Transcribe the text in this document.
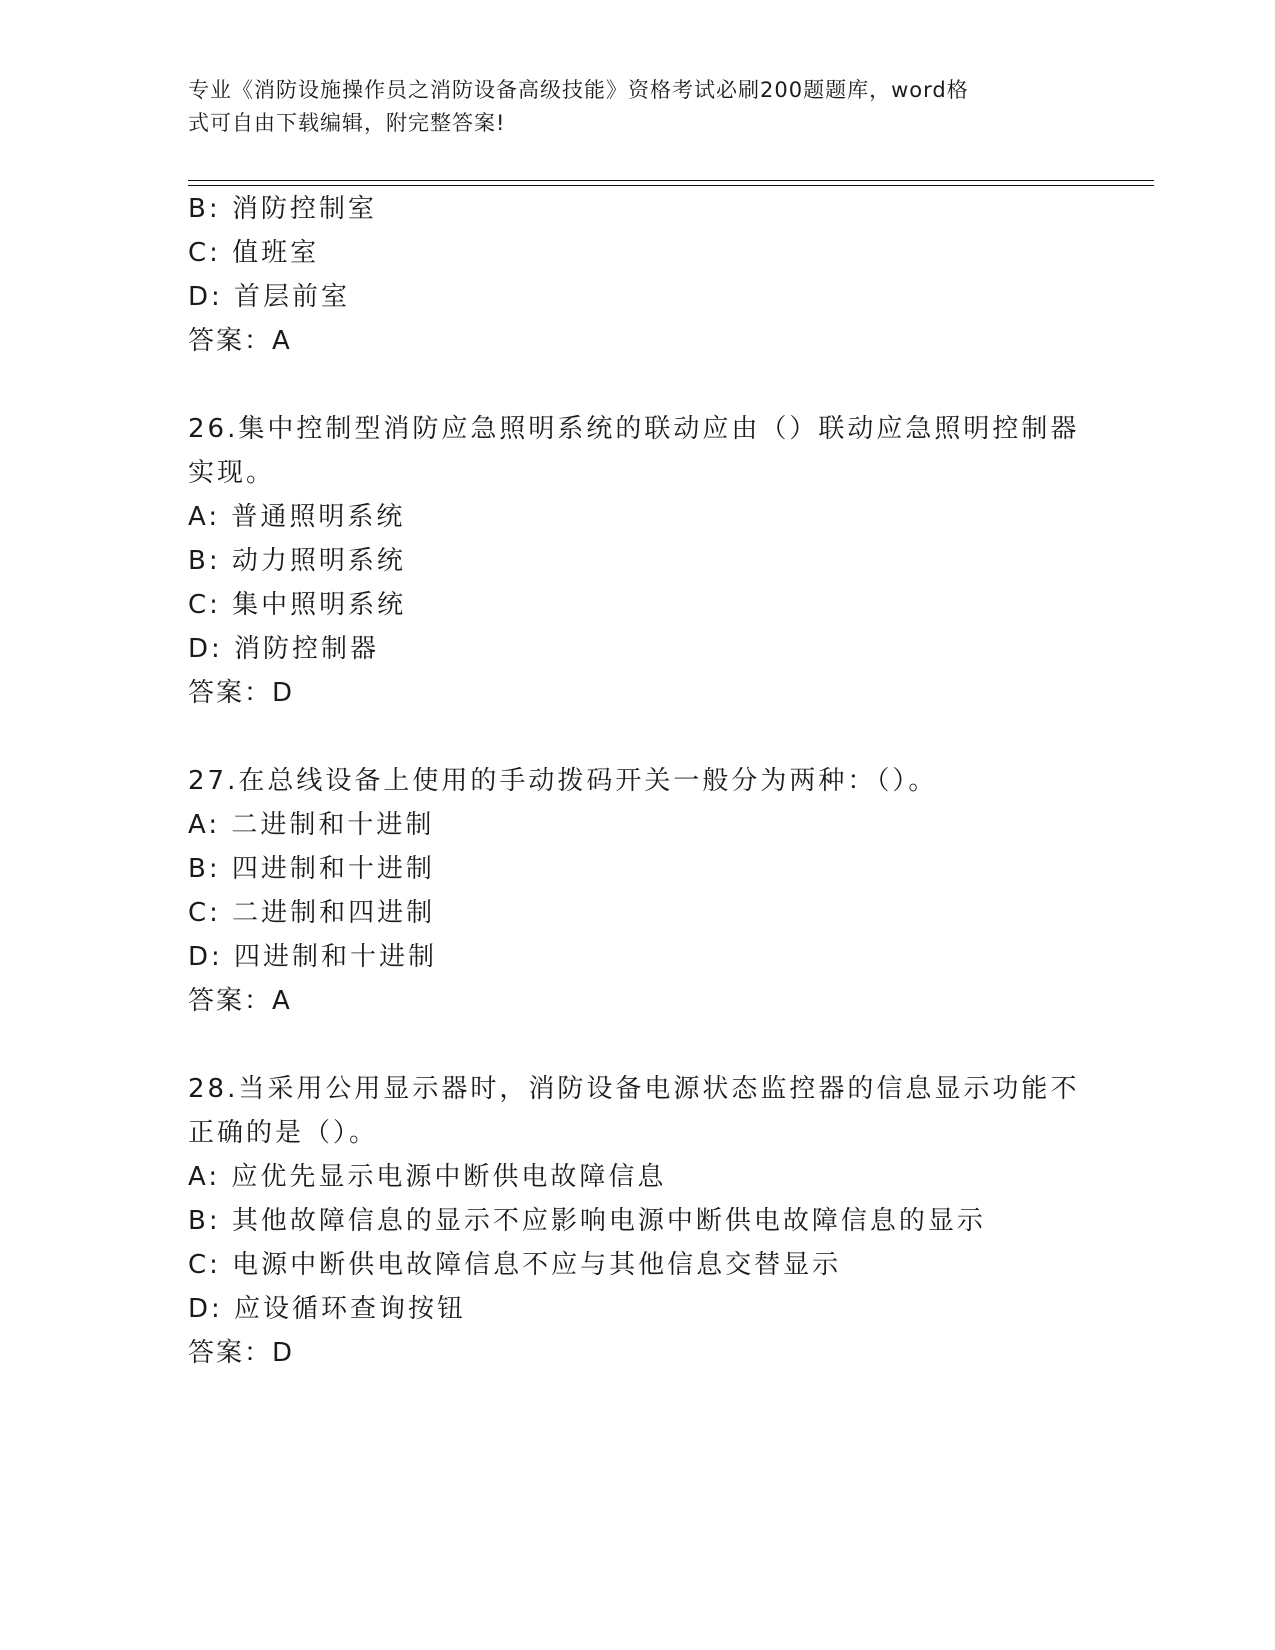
专业《消防设施操作员之消防设备高级技能》资格考试必刷200题题库，word格
式可自由下载编辑，附完整答案!
B: 消防控制室
C: 值班室
D: 首层前室
答案：A
26.集中控制型消防应急照明系统的联动应由（）联动应急照明控制器
实现。
A: 普通照明系统
B: 动力照明系统
C: 集中照明系统
D: 消防控制器
答案：D
27.在总线设备上使用的手动拨码开关一般分为两种：（）。
A: 二进制和十进制
B: 四进制和十进制
C: 二进制和四进制
D: 四进制和十进制
答案：A
28.当采用公用显示器时，消防设备电源状态监控器的信息显示功能不
正确的是（）。
A: 应优先显示电源中断供电故障信息
B: 其他故障信息的显示不应影响电源中断供电故障信息的显示
C: 电源中断供电故障信息不应与其他信息交替显示
D: 应设循环查询按钮
答案：D
